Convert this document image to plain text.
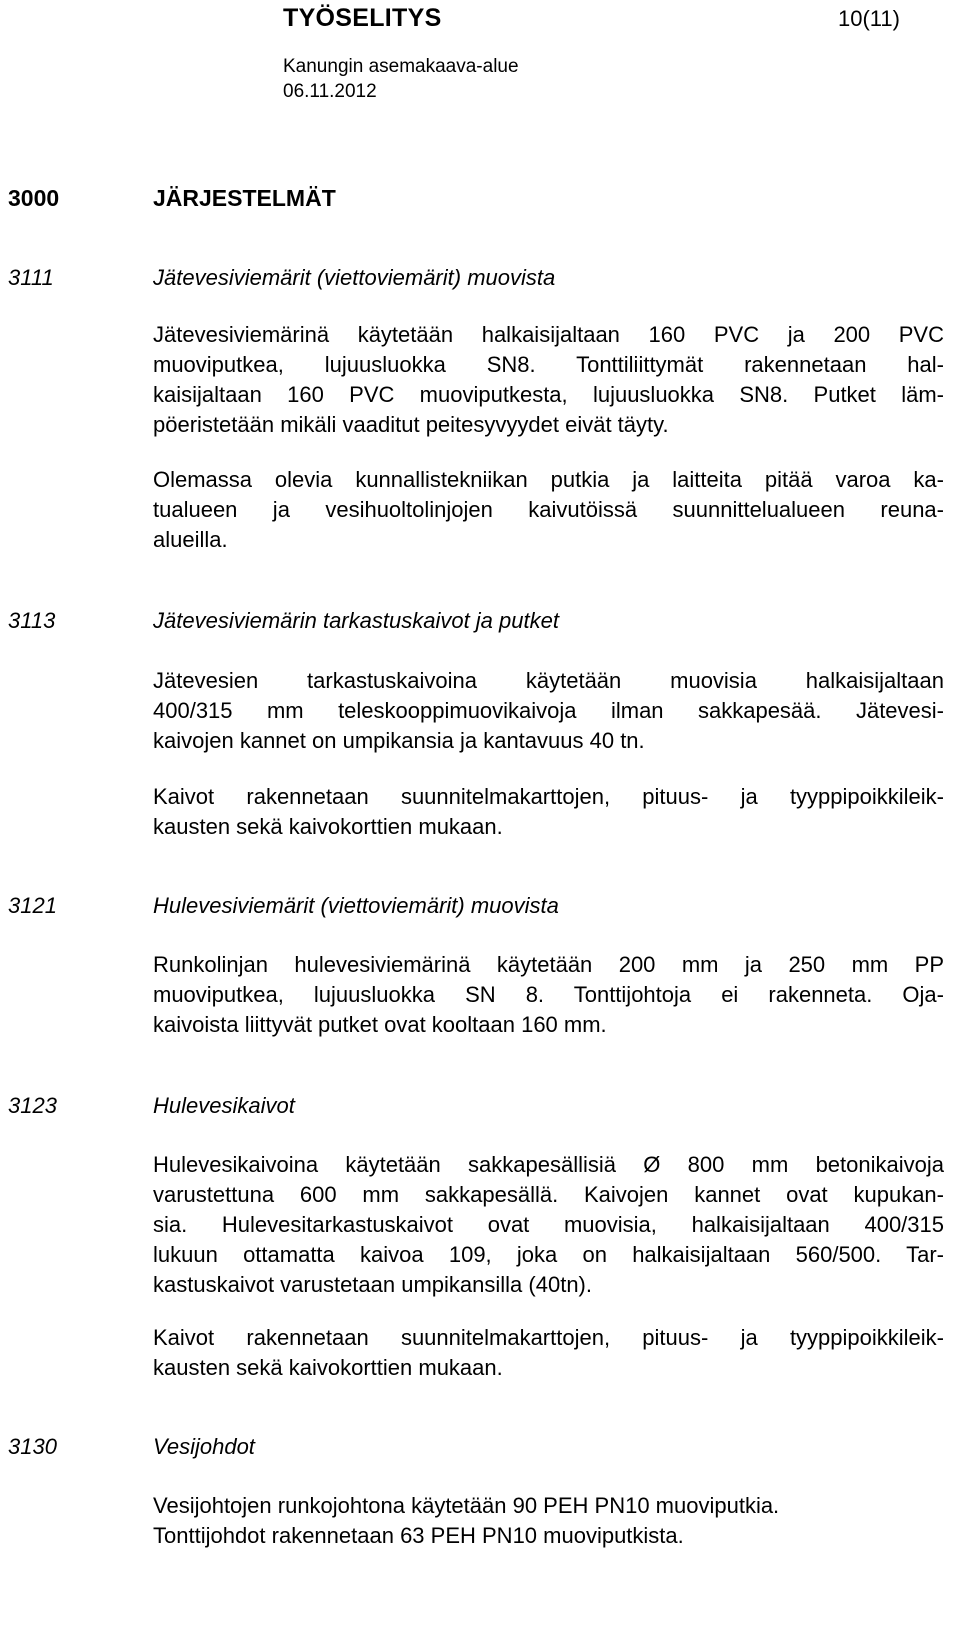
TYÖSELITYS	10(11)
Kanungin asemakaava-alue
06.11.2012
3000	JÄRJESTELMÄT
3111	Jätevesiviemärit (viettoviemärit) muovista
Jätevesiviemärinä käytetään halkaisijaltaan 160 PVC ja 200 PVC
muoviputkea, lujuusluokka SN8. Tonttiliittymät rakennetaan hal-
kaisijaltaan 160 PVC muoviputkesta, lujuusluokka SN8. Putket läm-
pöeristetään mikäli vaaditut peitesyvyydet eivät täyty.
Olemassa olevia kunnallistekniikan putkia ja laitteita pitää varoa ka-
tualueen ja vesihuoltolinjojen kaivutöissä suunnittelualueen reuna-
alueilla.
3113	Jätevesiviemärin tarkastuskaivot ja putket
Jätevesien tarkastuskaivoina käytetään muovisia halkaisijaltaan
400/315 mm teleskooppimuovikaivoja ilman sakkapesää. Jätevesi-
kaivojen kannet on umpikansia ja kantavuus 40 tn.
Kaivot rakennetaan suunnitelmakarttojen, pituus- ja tyyppipoikkileik-
kausten sekä kaivokorttien mukaan.
3121	Hulevesiviemärit (viettoviemärit) muovista
Runkolinjan hulevesiviemärinä käytetään 200 mm ja 250 mm PP
muoviputkea, lujuusluokka SN 8. Tonttijohtoja ei rakenneta. Oja-
kaivoista liittyvät putket ovat kooltaan 160 mm.
3123	Hulevesikaivot
Hulevesikaivoina käytetään sakkapesällisiä Ø 800 mm betonikaivoja
varustettuna 600 mm sakkapesällä. Kaivojen kannet ovat kupukan-
sia. Hulevesitarkastuskaivot ovat muovisia, halkaisijaltaan 400/315
lukuun ottamatta kaivoa 109, joka on halkaisijaltaan 560/500. Tar-
kastuskaivot varustetaan umpikansilla (40tn).
Kaivot rakennetaan suunnitelmakarttojen, pituus- ja tyyppipoikkileik-
kausten sekä kaivokorttien mukaan.
3130	Vesijohdot
Vesijohtojen runkojohtona käytetään 90 PEH PN10 muoviputkia.
Tonttijohdot rakennetaan 63 PEH PN10 muoviputkista.
